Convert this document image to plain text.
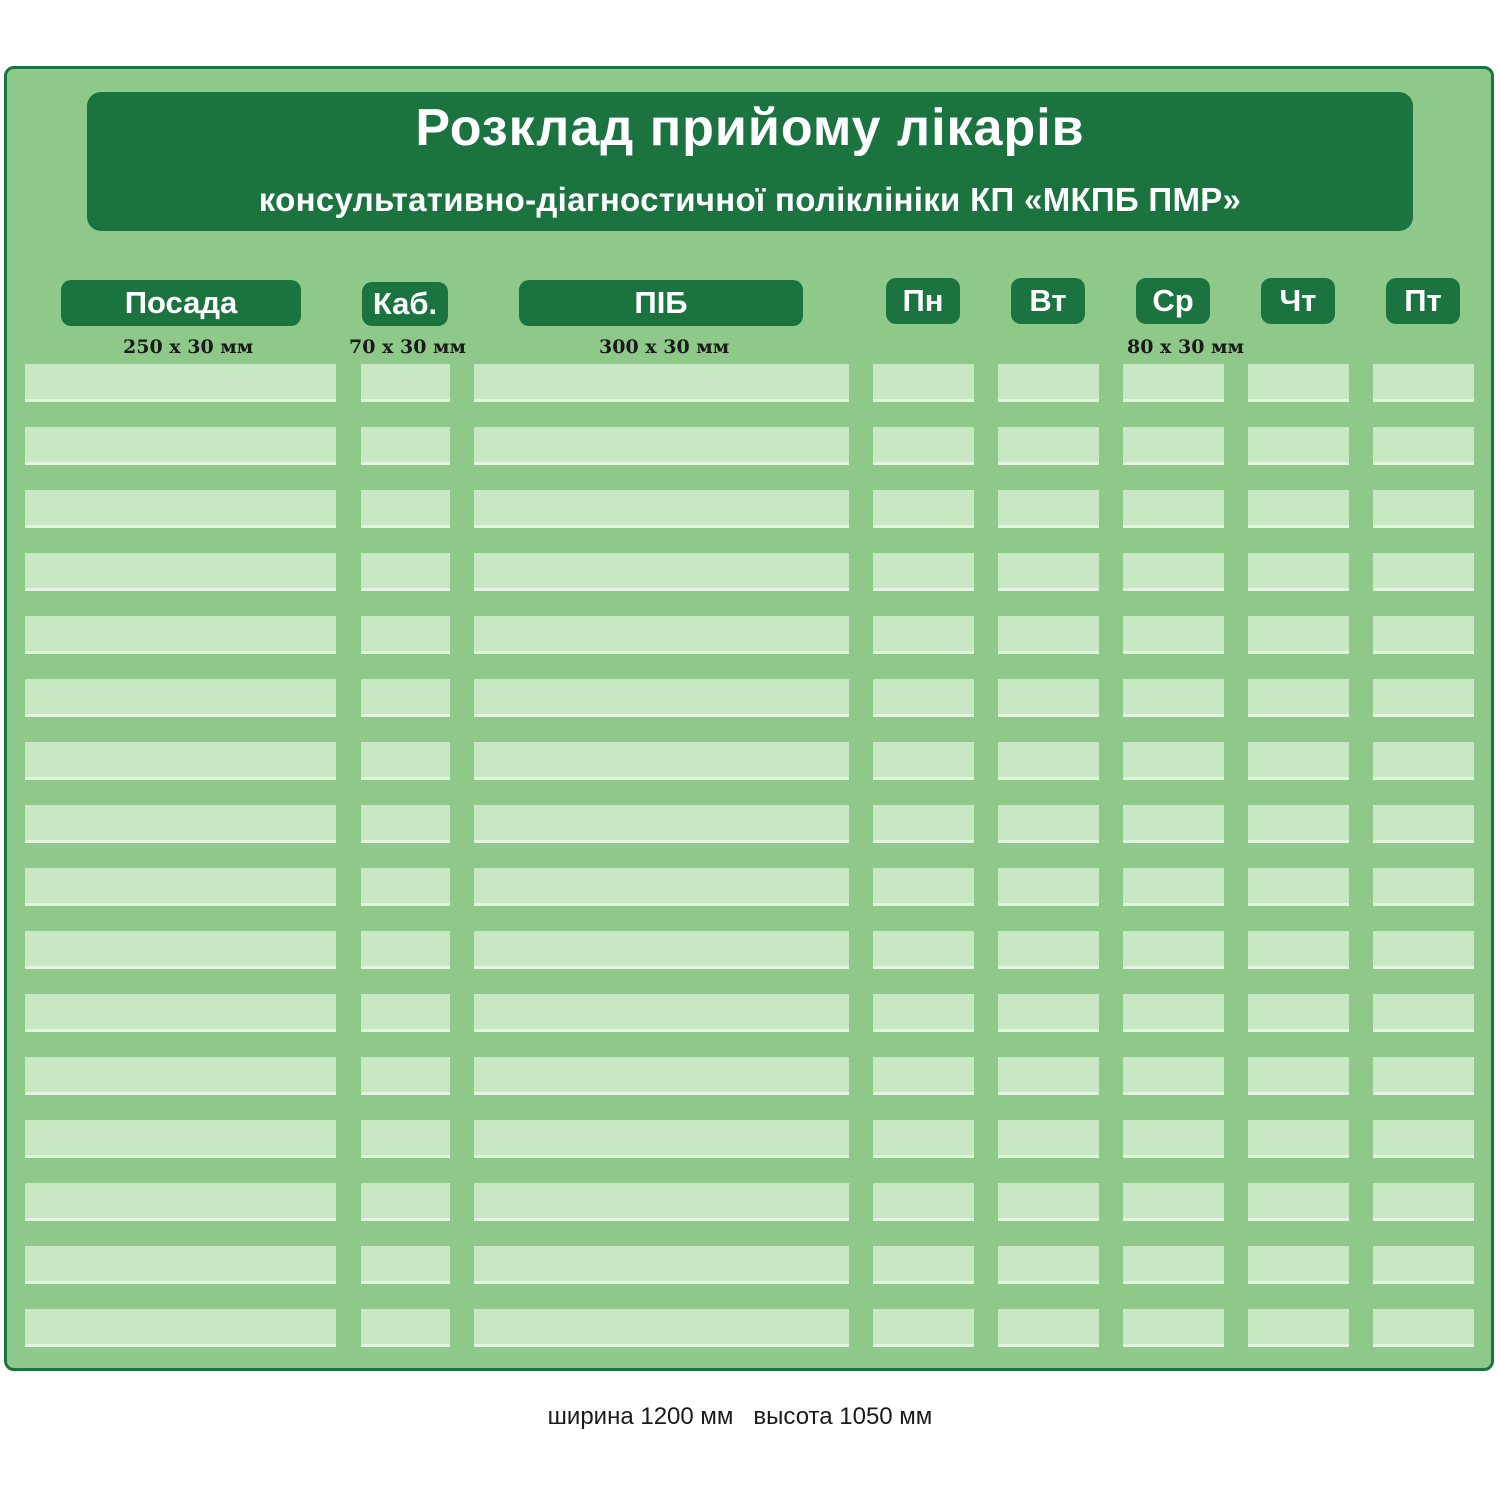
Розклад прийому лікарів
консультативно-діагностичної поліклініки КП «МКПБ ПМР»
Посада	Каб.	ПІБ	Пн	Вт	Ср	Чт	Пт
250 х 30 мм	70 х 30 мм	300 х 30 мм	80 х 30 мм
ширина 1200 мм высота 1050 мм
